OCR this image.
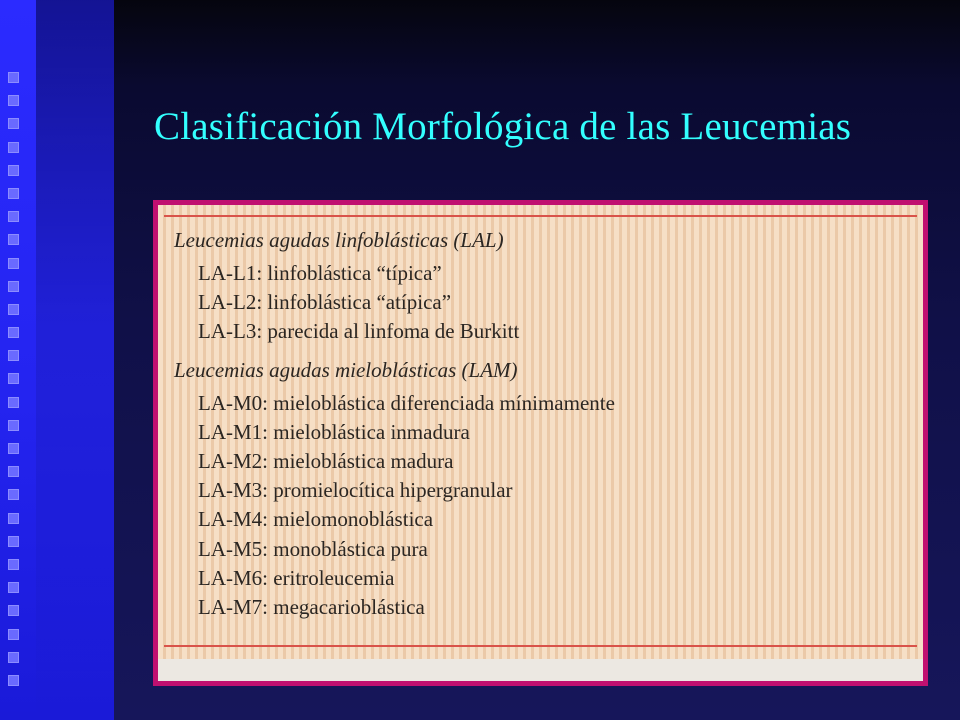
Clasificación Morfológica de las Leucemias
Leucemias agudas linfoblásticas (LAL)
LA-L1: linfoblástica “típica”
LA-L2: linfoblástica “atípica”
LA-L3: parecida al linfoma de Burkitt
Leucemias agudas mieloblásticas (LAM)
LA-M0: mieloblástica diferenciada mínimamente
LA-M1: mieloblástica inmadura
LA-M2: mieloblástica madura
LA-M3: promielocítica hipergranular
LA-M4: mielomonoblástica
LA-M5: monoblástica pura
LA-M6: eritroleucemia
LA-M7: megacarioblástica
